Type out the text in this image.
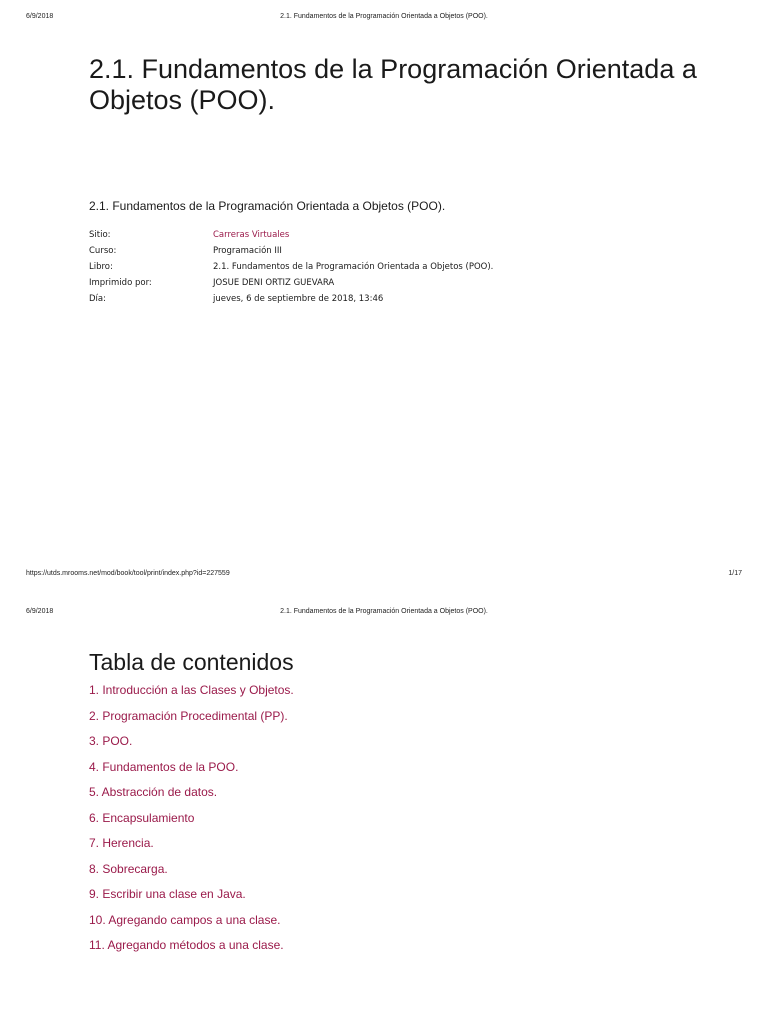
6/9/2018	2.1. Fundamentos de la Programación Orientada a Objetos (POO).
2.1. Fundamentos de la Programación Orientada a Objetos (POO).
2.1. Fundamentos de la Programación Orientada a Objetos (POO).
Sitio:	Carreras Virtuales
Curso:	Programación III
Libro:	2.1. Fundamentos de la Programación Orientada a Objetos (POO).
Imprimido por:	JOSUE DENI ORTIZ GUEVARA
Día:	jueves, 6 de septiembre de 2018, 13:46
https://utds.mrooms.net/mod/book/tool/print/index.php?id=227559	1/17
6/9/2018	2.1. Fundamentos de la Programación Orientada a Objetos (POO).
Tabla de contenidos
1. Introducción a las Clases y Objetos.
2. Programación Procedimental (PP).
3. POO.
4. Fundamentos de la POO.
5. Abstracción de datos.
6. Encapsulamiento
7. Herencia.
8. Sobrecarga.
9. Escribir una clase en Java.
10. Agregando campos a una clase.
11. Agregando métodos a una clase.
